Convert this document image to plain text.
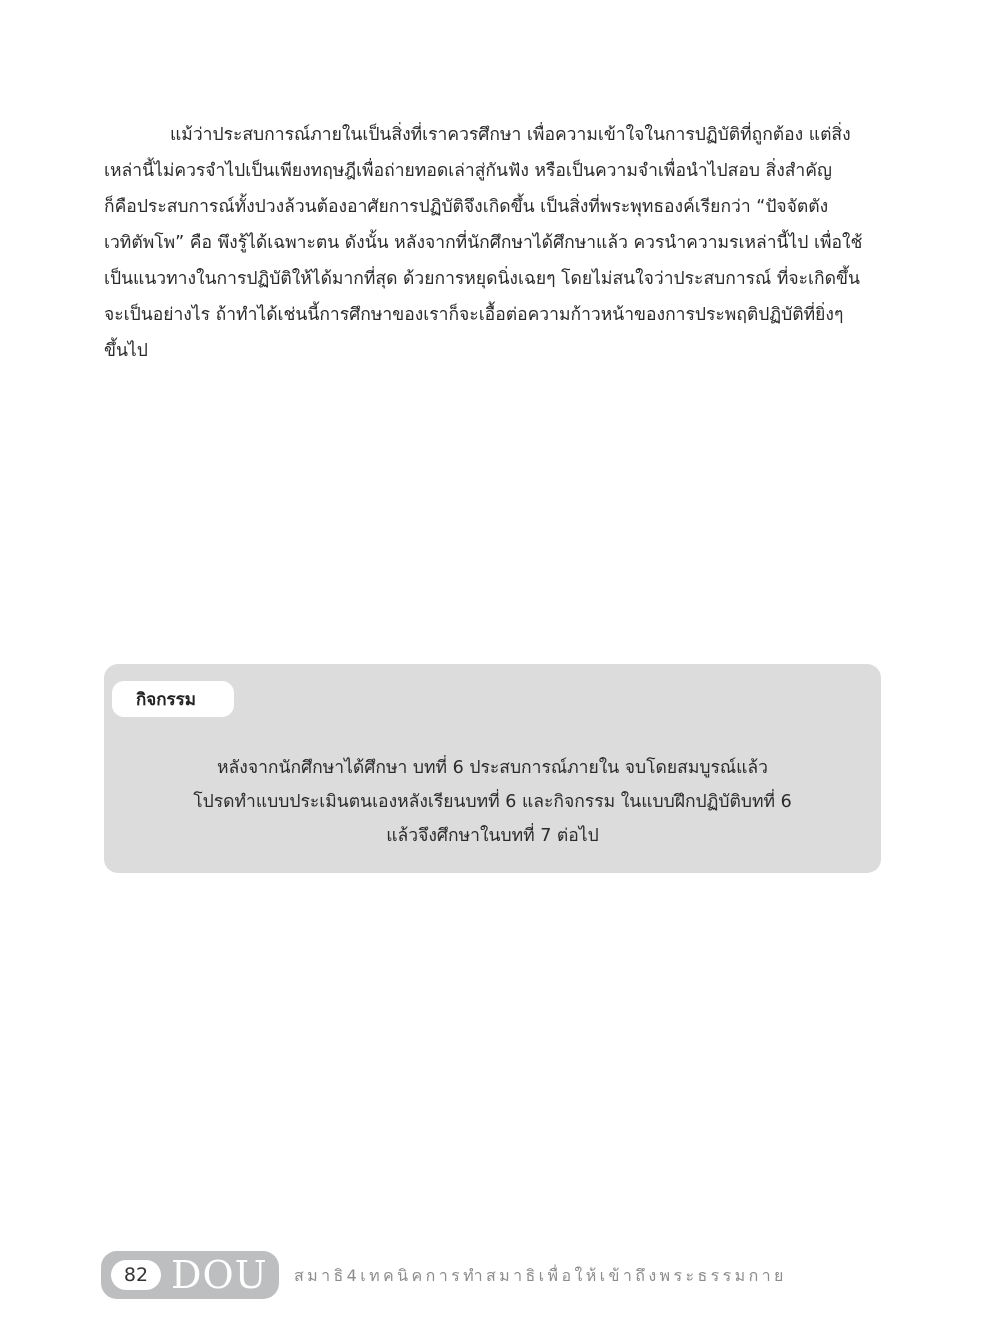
แม้ว่าประสบการณ์ภายในเป็นสิ่งที่เราควรศึกษา เพื่อความเข้าใจในการปฏิบัติที่ถูกต้อง แต่สิ่ง
เหล่านี้ไม่ควรจำไปเป็นเพียงทฤษฎีเพื่อถ่ายทอดเล่าสู่กันฟัง หรือเป็นความจำเพื่อนำไปสอบ สิ่งสำคัญ
ก็คือประสบการณ์ทั้งปวงล้วนต้องอาศัยการปฏิบัติจึงเกิดขึ้น เป็นสิ่งที่พระพุทธองค์เรียกว่า “ปัจจัตตัง
เวทิตัพโพ” คือ พึงรู้ได้เฉพาะตน ดังนั้น หลังจากที่นักศึกษาได้ศึกษาแล้ว ควรนำความรเหล่านี้ไป เพื่อใช้
เป็นแนวทางในการปฏิบัติให้ได้มากที่สุด ด้วยการหยุดนิ่งเฉยๆ โดยไม่สนใจว่าประสบการณ์ ที่จะเกิดขึ้น
จะเป็นอย่างไร ถ้าทำได้เช่นนี้การศึกษาของเราก็จะเอื้อต่อความก้าวหน้าของการประพฤติปฏิบัติที่ยิ่งๆ
ขึ้นไป
กิจกรรม
หลังจากนักศึกษาได้ศึกษา บทที่ 6 ประสบการณ์ภายใน จบโดยสมบูรณ์แล้ว
โปรดทำแบบประเมินตนเองหลังเรียนบทที่ 6 และกิจกรรม ในแบบฝึกปฏิบัติบทที่ 6
แล้วจึงศึกษาในบทที่ 7 ต่อไป
82 DOU สมาธิ4เทคนิคการทำสมาธิเพื่อให้เข้าถึงพระธรรมกาย
